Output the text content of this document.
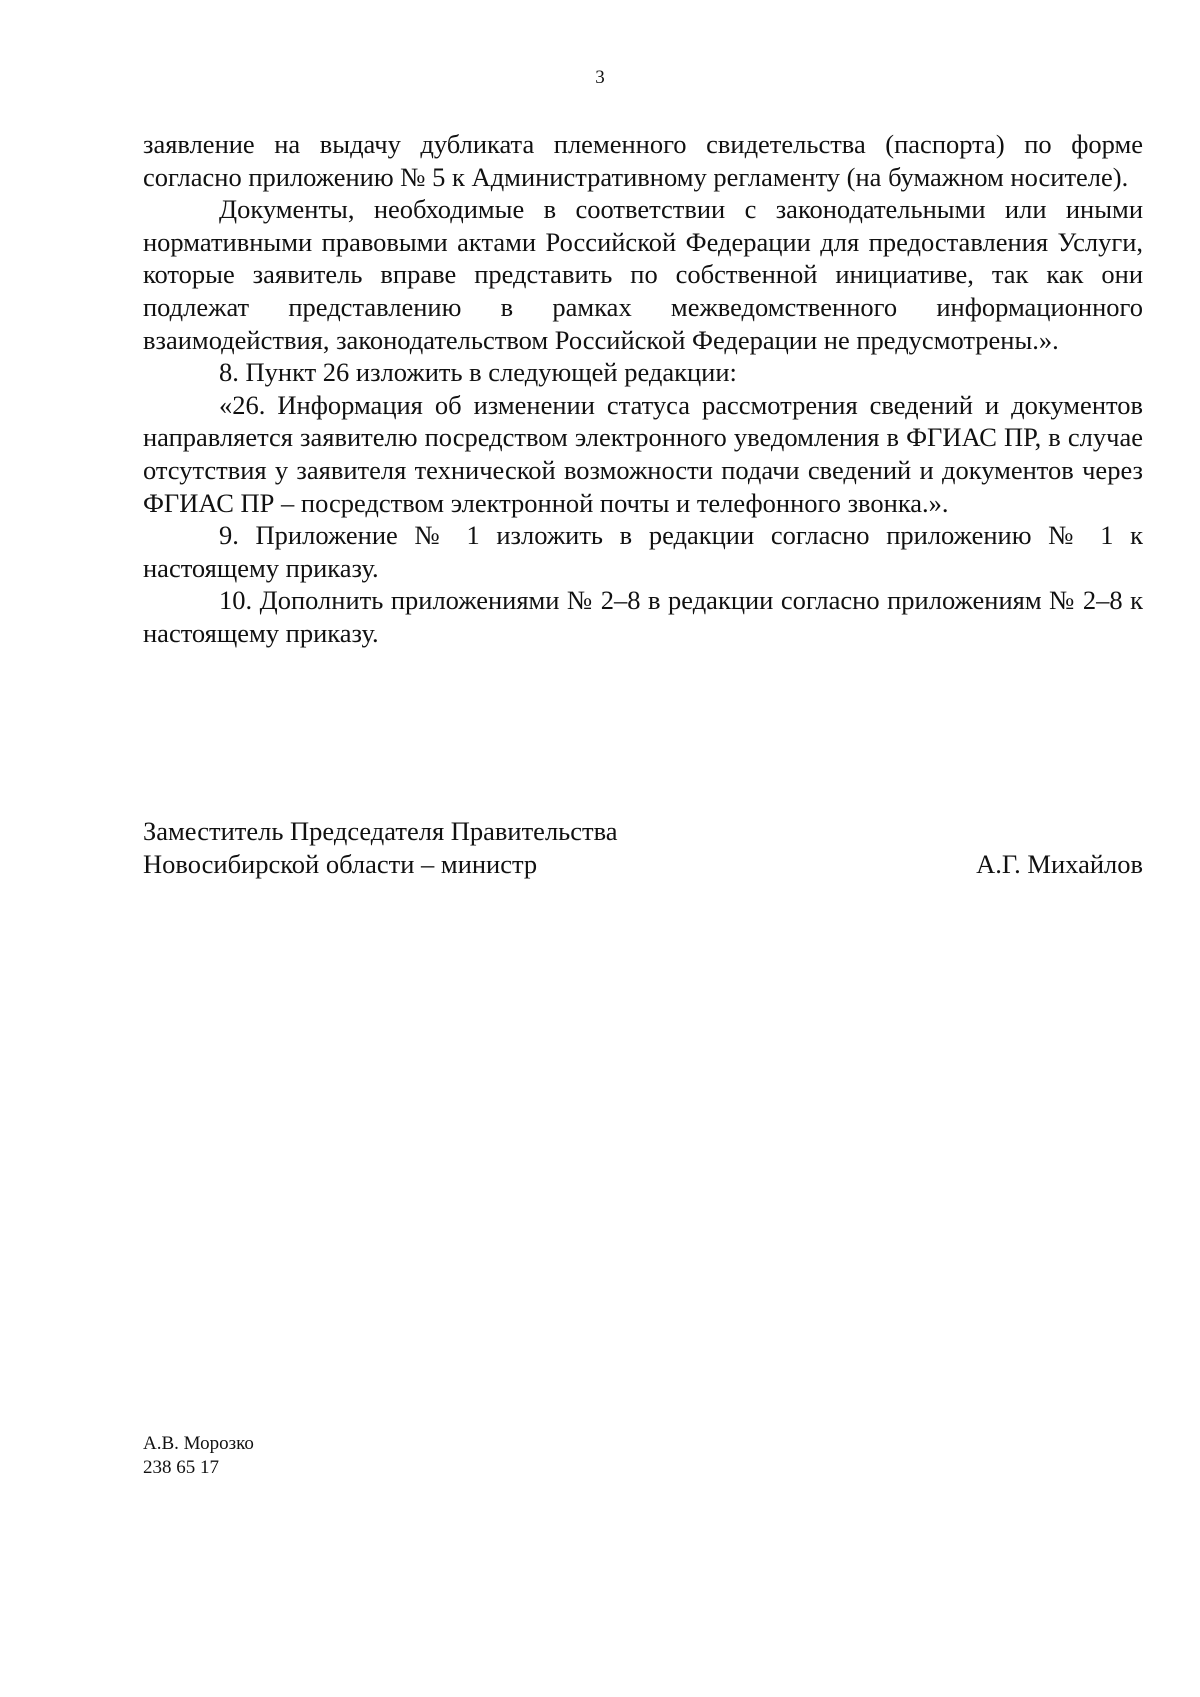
3

заявление на выдачу дубликата племенного свидетельства (паспорта) по форме согласно приложению № 5 к Административному регламенту (на бумажном носителе).

Документы, необходимые в соответствии с законодательными или иными нормативными правовыми актами Российской Федерации для предоставления Услуги, которые заявитель вправе представить по собственной инициативе, так как они подлежат представлению в рамках межведомственного информационного взаимодействия, законодательством Российской Федерации не предусмотрены.».

8. Пункт 26 изложить в следующей редакции:

«26. Информация об изменении статуса рассмотрения сведений и документов направляется заявителю посредством электронного уведомления в ФГИАС ПР, в случае отсутствия у заявителя технической возможности подачи сведений и документов через ФГИАС ПР – посредством электронной почты и телефонного звонка.».

9. Приложение № 1 изложить в редакции согласно приложению № 1 к настоящему приказу.

10. Дополнить приложениями № 2–8 в редакции согласно приложениям № 2–8 к настоящему приказу.

Заместитель Председателя Правительства
Новосибирской области – министр	А.Г. Михайлов
А.В. Морозко
238 65 17
